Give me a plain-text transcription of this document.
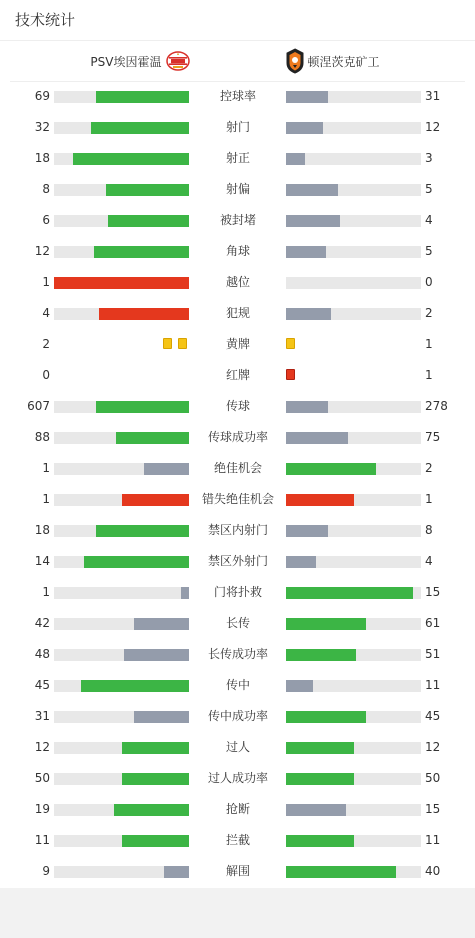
技术统计
PSV埃因霍温	顿涅茨克矿工
69	控球率	31
32	射门	12
18	射正	3
8	射偏	5
6	被封堵	4
12	角球	5
1	越位	0
4	犯规	2
2	黄牌	1
0	红牌	1
607	传球	278
88	传球成功率	75
1	绝佳机会	2
1	错失绝佳机会	1
18	禁区内射门	8
14	禁区外射门	4
1	门将扑救	15
42	长传	61
48	长传成功率	51
45	传中	11
31	传中成功率	45
12	过人	12
50	过人成功率	50
19	抢断	15
11	拦截	11
9	解围	40
